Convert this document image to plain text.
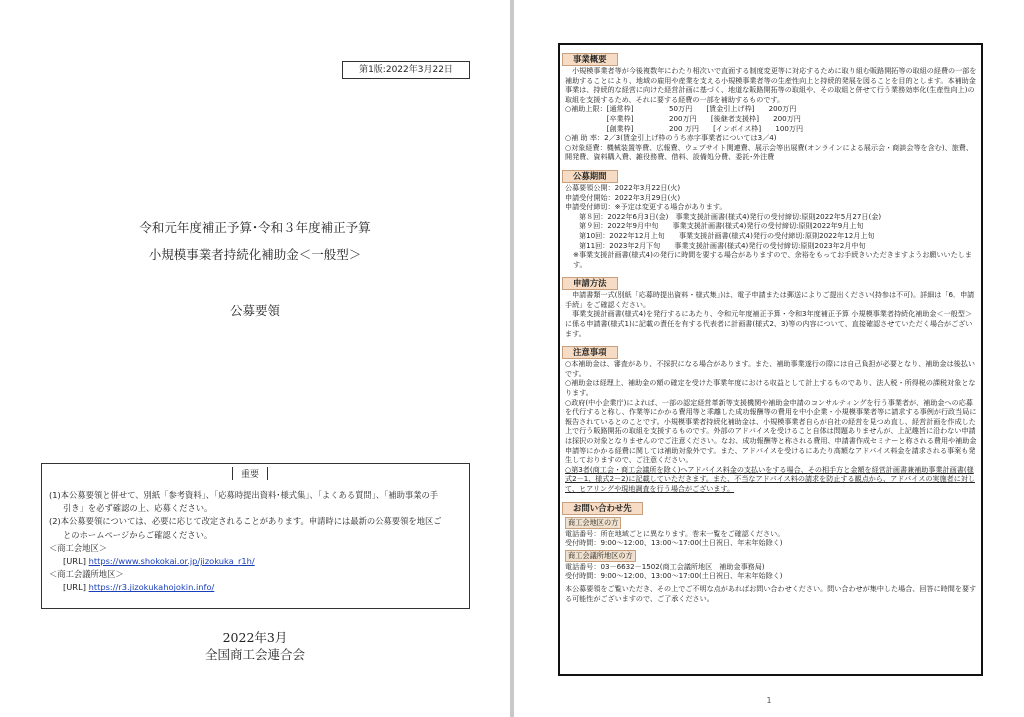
第1版:2022年3月22日
令和元年度補正予算･令和３年度補正予算
小規模事業者持続化補助金＜一般型＞
公募要領
重要
(1)本公募要領と併せて、別紙「参考資料」、「応募時提出資料･様式集」、「よくある質問」、「補助事業の手
引き」を必ず確認の上、応募ください。
(2)本公募要領については、必要に応じて改定されることがあります。申請時には最新の公募要領を地区ご
とのホームページからご確認ください。
＜商工会地区＞
[URL] https://www.shokokai.or.jp/jizokuka_r1h/
＜商工会議所地区＞
[URL] https://r3.jizokukahojokin.info/
2022年3月
全国商工会連合会
事業概要

小規模事業者等が今後複数年にわたり相次いで直面する制度変更等に対応するために取り組む販路開拓等の取組の経費の一部を補助することにより、地域の雇用や産業を支える小規模事業者等の生産性向上と持続的発展を図ることを目的とします。本補助金事業は、持続的な経営に向けた経営計画に基づく、地道な販路開拓等の取組や、その取組と併せて行う業務効率化(生産性向上)の取組を支援するため、それに要する経費の一部を補助するものです。

○補助上限： [通常枠]　　　　　50万円　　[賃金引上げ枠]　　200万円

[卒業枠]　　　　　200万円　　[後継者支援枠]　　200万円

[創業枠]　　　　　200 万円　　[インボイス枠]　　100万円

○補 助 率：2／3(賃金引上げ枠のうち赤字事業者については3／4)

○対象経費：機械装置等費、広報費、ウェブサイト関連費、展示会等出展費(オンラインによる展示会・商談会等を含む)、旅費、開発費、資料購入費、雑役務費、借料、設備処分費、委託･外注費

公募期間

公募要領公開：2022年3月22日(火)

申請受付開始：2022年3月29日(火)

申請受付締切：※予定は変更する場合があります。

第８回：2022年6月3日(金)　事業支援計画書(様式4)発行の受付締切:原則2022年5月27日(金)

第９回：2022年9月中旬　　事業支援計画書(様式4)発行の受付締切:原則2022年9月上旬

第10回：2022年12月上旬　　事業支援計画書(様式4)発行の受付締切:原則2022年12月上旬

第11回：2023年2月下旬　　事業支援計画書(様式4)発行の受付締切:原則2023年2月中旬

※事業支援計画書(様式4)の発行に時間を要する場合がありますので、余裕をもってお手続きいただきますようお願いいたします。

申請方法

申請書類一式(別紙「応募時提出資料・様式集」)は、電子申請または郵送によりご提出ください(持参は不可)。詳細は「6．申請手続」をご確認ください。

事業支援計画書(様式4)を発行するにあたり、令和元年度補正予算・令和3年度補正予算 小規模事業者持続化補助金＜一般型＞に係る申請書(様式1)に記載の責任を有する代表者に計画書(様式2、3)等の内容について、直接確認させていただく場合がございます。

注意事項

○本補助金は、審査があり、不採択になる場合があります。また、補助事業遂行の際には自己負担が必要となり、補助金は後払いです。

○補助金は経理上、補助金の額の確定を受けた事業年度における収益として計上するものであり、法人税・所得税の課税対象となります。

○政府(中小企業庁)によれば、一部の認定経営革新等支援機関や補助金申請のコンサルティングを行う事業者が、補助金への応募を代行すると称し、作業等にかかる費用等と乖離した成功報酬等の費用を中小企業・小規模事業者等に請求する事例が行政当局に報告されているとのことです。小規模事業者持続化補助金は、小規模事業者自らが自社の経営を見つめ直し、経営計画を作成した上で行う販路開拓の取組を支援するものです。外部のアドバイスを受けること自体は問題ありませんが、上記趣旨に沿わない申請は採択の対象となりませんのでご注意ください。なお、成功報酬等と称される費用、申請書作成セミナーと称される費用や補助金申請等にかかる経費に関しては補助対象外です。また、アドバイスを受けるにあたり高額なアドバイス料金を請求される事案も発生しておりますので、ご注意ください。

○第3者(商工会・商工会議所を除く)へアドバイス料金の支払いをする場合、その相手方と金額を経営計画書兼補助事業計画書(様式2－1、様式2－2)に記載していただきます。また、不当なアドバイス料の請求を防止する観点から、アドバイスの実施者に対して、ヒアリングや現地調査を行う場合がございます。

お問い合わせ先
商工会地区の方

電話番号：所在地域ごとに異なります。巻末一覧をご確認ください。

受付時間：9:00～12:00、13:00～17:00(土日祝日、年末年始除く)

商工会議所地区の方

電話番号：03－6632－1502(商工会議所地区　補助金事務局)

受付時間：9:00～12:00、13:00～17:00(土日祝日、年末年始除く)

本公募要領をご覧いただき、その上でご不明な点があればお問い合わせください。問い合わせが集中した場合、回答に時間を要する可能性がございますので、ご了承ください。

1
